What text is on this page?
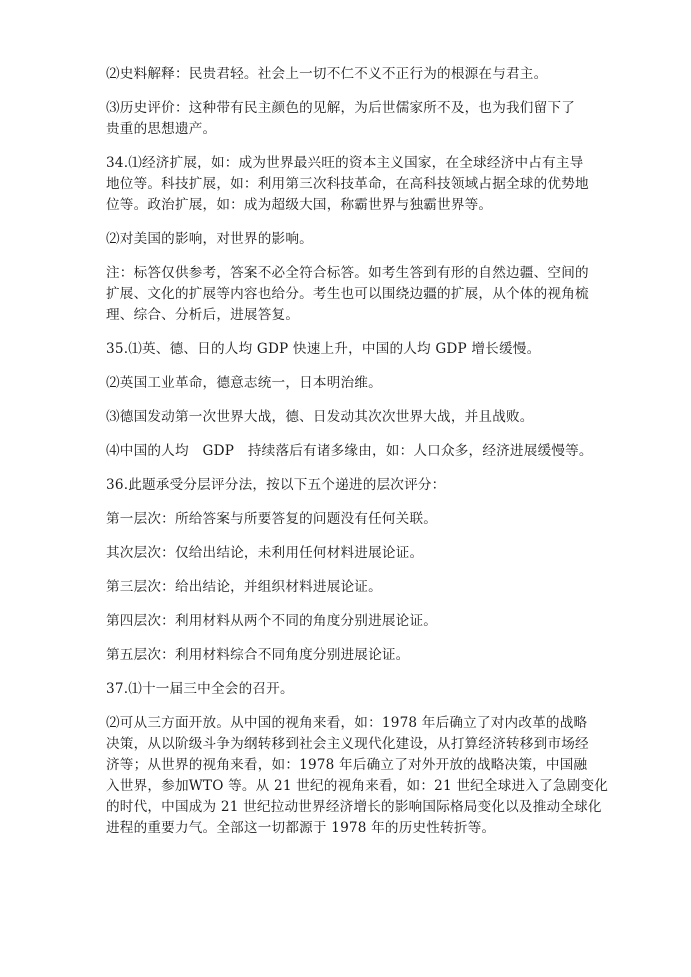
⑵史料解释：民贵君轻。社会上一切不仁不义不正行为的根源在与君主。

⑶历史评价：这种带有民主颜色的见解，为后世儒家所不及，也为我们留下了
贵重的思想遗产。

34.⑴经济扩展，如：成为世界最兴旺的资本主义国家，在全球经济中占有主导
地位等。科技扩展，如：利用第三次科技革命，在高科技领域占据全球的优势地
位等。政治扩展，如：成为超级大国，称霸世界与独霸世界等。

⑵对美国的影响，对世界的影响。

注：标答仅供参考，答案不必全符合标答。如考生答到有形的自然边疆、空间的
扩展、文化的扩展等内容也给分。考生也可以围绕边疆的扩展，从个体的视角梳
理、综合、分析后，进展答复。

35.⑴英、德、日的人均 GDP 快速上升，中国的人均 GDP 增长缓慢。

⑵英国工业革命，德意志统一，日本明治维。

⑶德国发动第一次世界大战，德、日发动其次次世界大战，并且战败。

⑷中国的人均　GDP　持续落后有诸多缘由，如：人口众多，经济进展缓慢等。

36.此题承受分层评分法，按以下五个递进的层次评分：

第一层次：所给答案与所要答复的问题没有任何关联。

其次层次：仅给出结论，未利用任何材料进展论证。

第三层次：给出结论，并组织材料进展论证。

第四层次：利用材料从两个不同的角度分别进展论证。

第五层次：利用材料综合不同角度分别进展论证。

37.⑴十一届三中全会的召开。

⑵可从三方面开放。从中国的视角来看，如：1978 年后确立了对内改革的战略
决策，从以阶级斗争为纲转移到社会主义现代化建设，从打算经济转移到市场经
济等；从世界的视角来看，如：1978 年后确立了对外开放的战略决策，中国融
入世界，参加WTO 等。从 21 世纪的视角来看，如：21 世纪全球进入了急剧变化
的时代，中国成为 21 世纪拉动世界经济增长的影响国际格局变化以及推动全球化
进程的重要力气。全部这一切都源于 1978 年的历史性转折等。
